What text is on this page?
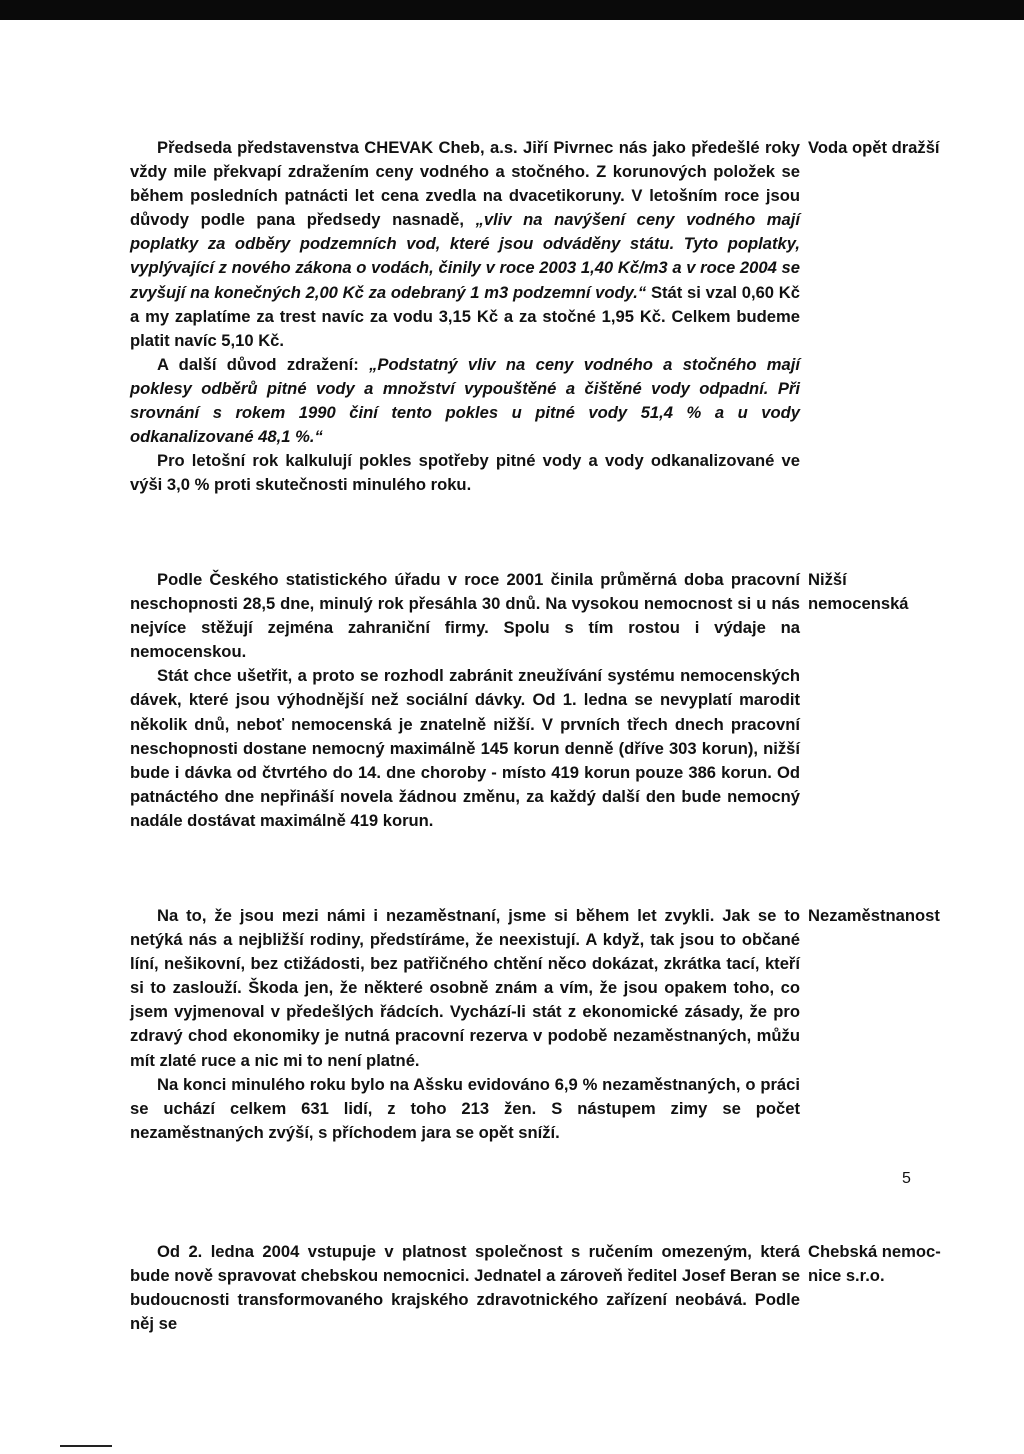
Předseda představenstva CHEVAK Cheb, a.s. Jiří Pivrnec nás jako předešlé roky vždy mile překvapí zdražením ceny vodného a stočného. Z korunových položek se během posledních patnácti let cena zvedla na dvacetikoruny. V letošním roce jsou důvody podle pana předsedy nasnadě, „vliv na navýšení ceny vodného mají poplatky za odběry podzemních vod, které jsou odváděny státu. Tyto poplatky, vyplývající z nového zákona o vodách, činily v roce 2003 1,40 Kč/m3 a v roce 2004 se zvyšují na konečných 2,00 Kč za odebraný 1 m3 podzemní vody.“ Stát si vzal 0,60 Kč a my zaplatíme za trest navíc za vodu 3,15 Kč a za stočné 1,95 Kč. Celkem budeme platit navíc 5,10 Kč.

A další důvod zdražení: „Podstatný vliv na ceny vodného a stočného mají poklesy odběrů pitné vody a množství vypouštěné a čištěné vody odpadní. Při srovnání s rokem 1990 činí tento pokles u pitné vody 51,4 % a u vody odkanalizované 48,1 %.“

Pro letošní rok kalkulují pokles spotřeby pitné vody a vody odkanalizované ve výši 3,0 % proti skutečnosti minulého roku.

Voda opět dražší

Podle Českého statistického úřadu v roce 2001 činila průměrná doba pracovní neschopnosti 28,5 dne, minulý rok přesáhla 30 dnů. Na vysokou nemocnost si u nás nejvíce stěžují zejména zahraniční firmy. Spolu s tím rostou i výdaje na nemocenskou.

Stát chce ušetřit, a proto se rozhodl zabránit zneužívání systému nemocenských dávek, které jsou výhodnější než sociální dávky. Od 1. ledna se nevyplatí marodit několik dnů, neboť nemocenská je znatelně nižší. V prvních třech dnech pracovní neschopnosti dostane nemocný maximálně 145 korun denně (dříve 303 korun), nižší bude i dávka od čtvrtého do 14. dne choroby - místo 419 korun pouze 386 korun. Od patnáctého dne nepřináší novela žádnou změnu, za každý další den bude nemocný nadále dostávat maximálně 419 korun.

Nižší
nemocenská

Na to, že jsou mezi námi i nezaměstnaní, jsme si během let zvykli. Jak se to netýká nás a nejbližší rodiny, předstíráme, že neexistují. A když, tak jsou to občané líní, nešikovní, bez ctižádosti, bez patřičného chtění něco dokázat, zkrátka tací, kteří si to zaslouží. Škoda jen, že některé osobně znám a vím, že jsou opakem toho, co jsem vyjmenoval v předešlých řádcích. Vychází-li stát z ekonomické zásady, že pro zdravý chod ekonomiky je nutná pracovní rezerva v podobě nezaměstnaných, můžu mít zlaté ruce a nic mi to není platné.

Na konci minulého roku bylo na Ašsku evidováno 6,9 % nezaměstnaných, o práci se uchází celkem 631 lidí, z toho 213 žen. S nástupem zimy se počet nezaměstnaných zvýší, s příchodem jara se opět sníží.

Nezaměstnanost

Od 2. ledna 2004 vstupuje v platnost společnost s ručením omezeným, která bude nově spravovat chebskou nemocnici. Jednatel a zároveň ředitel Josef Beran se budoucnosti transformovaného krajského zdravotnického zařízení neobává. Podle něj se

Chebská nemoc-
nice s.r.o.
5
